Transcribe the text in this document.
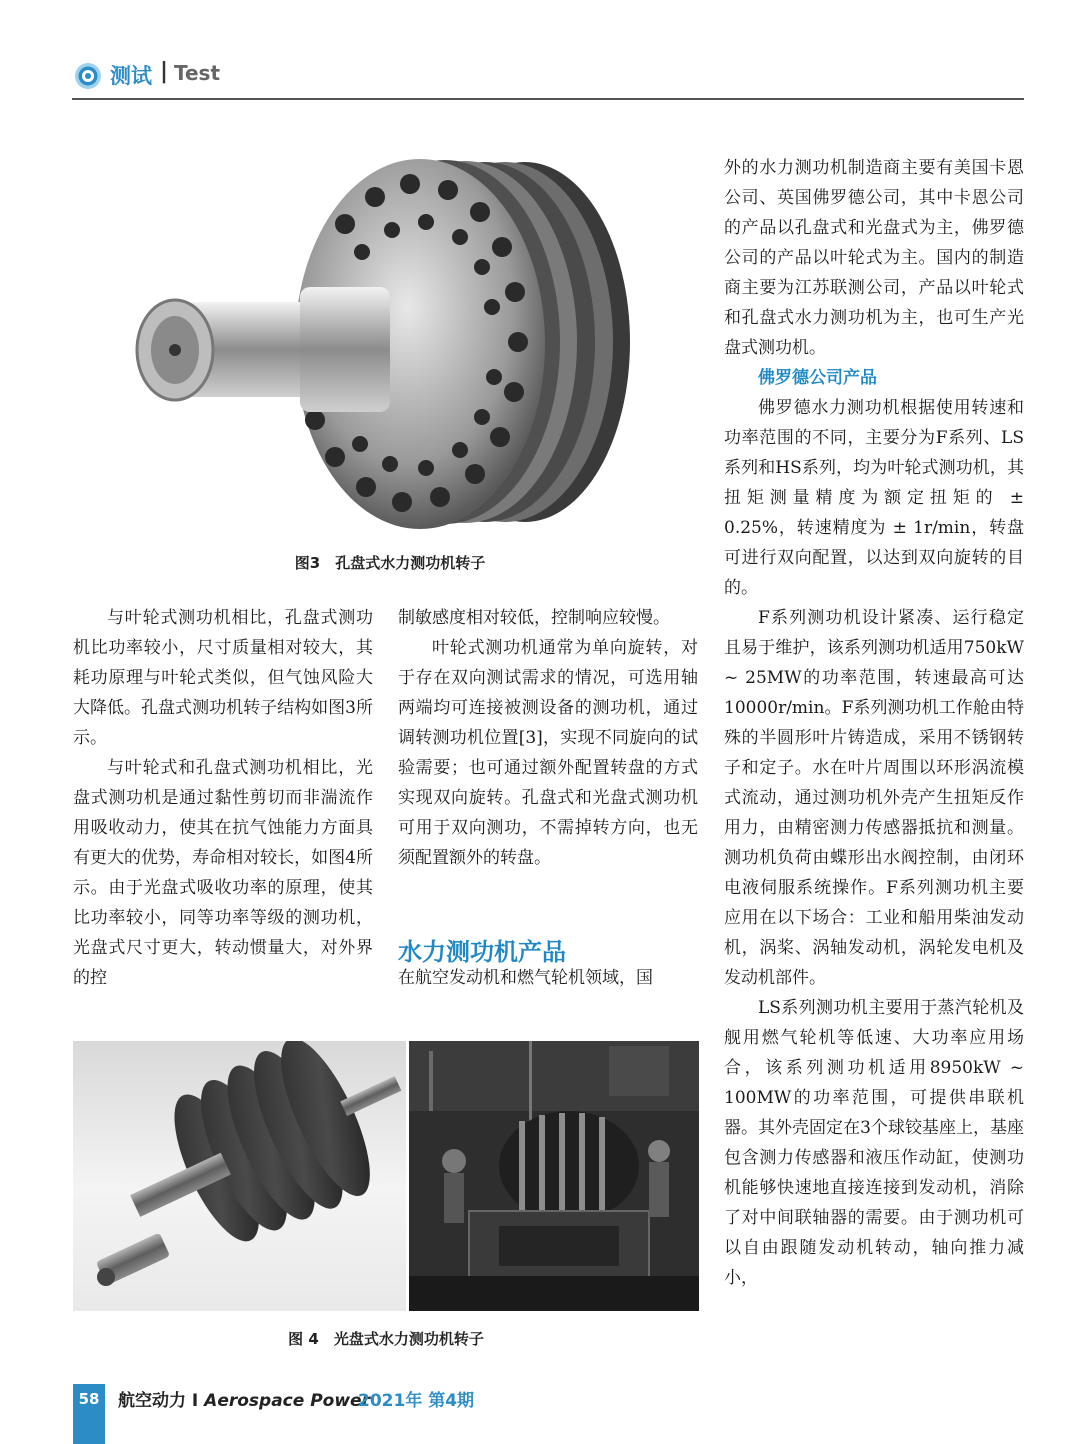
测试 | Test
图3　孔盘式水力测功机转子

与叶轮式测功机相比，孔盘式测功机比功率较小，尺寸质量相对较大，其耗功原理与叶轮式类似，但气蚀风险大大降低。孔盘式测功机转子结构如图3所示。

与叶轮式和孔盘式测功机相比，光盘式测功机是通过黏性剪切而非湍流作用吸收动力，使其在抗气蚀能力方面具有更大的优势，寿命相对较长，如图4所示。由于光盘式吸收功率的原理，使其比功率较小，同等功率等级的测功机，光盘式尺寸更大，转动惯量大，对外界的控

制敏感度相对较低，控制响应较慢。

叶轮式测功机通常为单向旋转，对于存在双向测试需求的情况，可选用轴两端均可连接被测设备的测功机，通过调转测功机位置[3]，实现不同旋向的试验需要；也可通过额外配置转盘的方式实现双向旋转。孔盘式和光盘式测功机可用于双向测功，不需掉转方向，也无须配置额外的转盘。

水力测功机产品

在航空发动机和燃气轮机领域，国

外的水力测功机制造商主要有美国卡恩公司、英国佛罗德公司，其中卡恩公司的产品以孔盘式和光盘式为主，佛罗德公司的产品以叶轮式为主。国内的制造商主要为江苏联测公司，产品以叶轮式和孔盘式水力测功机为主，也可生产光盘式测功机。

佛罗德公司产品

佛罗德水力测功机根据使用转速和功率范围的不同，主要分为F系列、LS系列和HS系列，均为叶轮式测功机，其扭矩测量精度为额定扭矩的 ± 0.25%，转速精度为 ± 1r/min，转盘可进行双向配置，以达到双向旋转的目的。

F系列测功机设计紧凑、运行稳定且易于维护，该系列测功机适用750kW ~ 25MW的功率范围，转速最高可达10000r/min。F系列测功机工作舱由特殊的半圆形叶片铸造成，采用不锈钢转子和定子。水在叶片周围以环形涡流模式流动，通过测功机外壳产生扭矩反作用力，由精密测力传感器抵抗和测量。测功机负荷由蝶形出水阀控制，由闭环电液伺服系统操作。F系列测功机主要应用在以下场合：工业和船用柴油发动机，涡桨、涡轴发动机，涡轮发电机及发动机部件。

LS系列测功机主要用于蒸汽轮机及舰用燃气轮机等低速、大功率应用场合，该系列测功机适用8950kW ~ 100MW的功率范围，可提供串联机器。其外壳固定在3个球铰基座上，基座包含测力传感器和液压作动缸，使测功机能够快速地直接连接到发动机，消除了对中间联轴器的需要。由于测功机可以自由跟随发动机转动，轴向推力减小，

图 4　光盘式水力测功机转子
58	航空动力 I Aerospace Power
2021年 第4期
